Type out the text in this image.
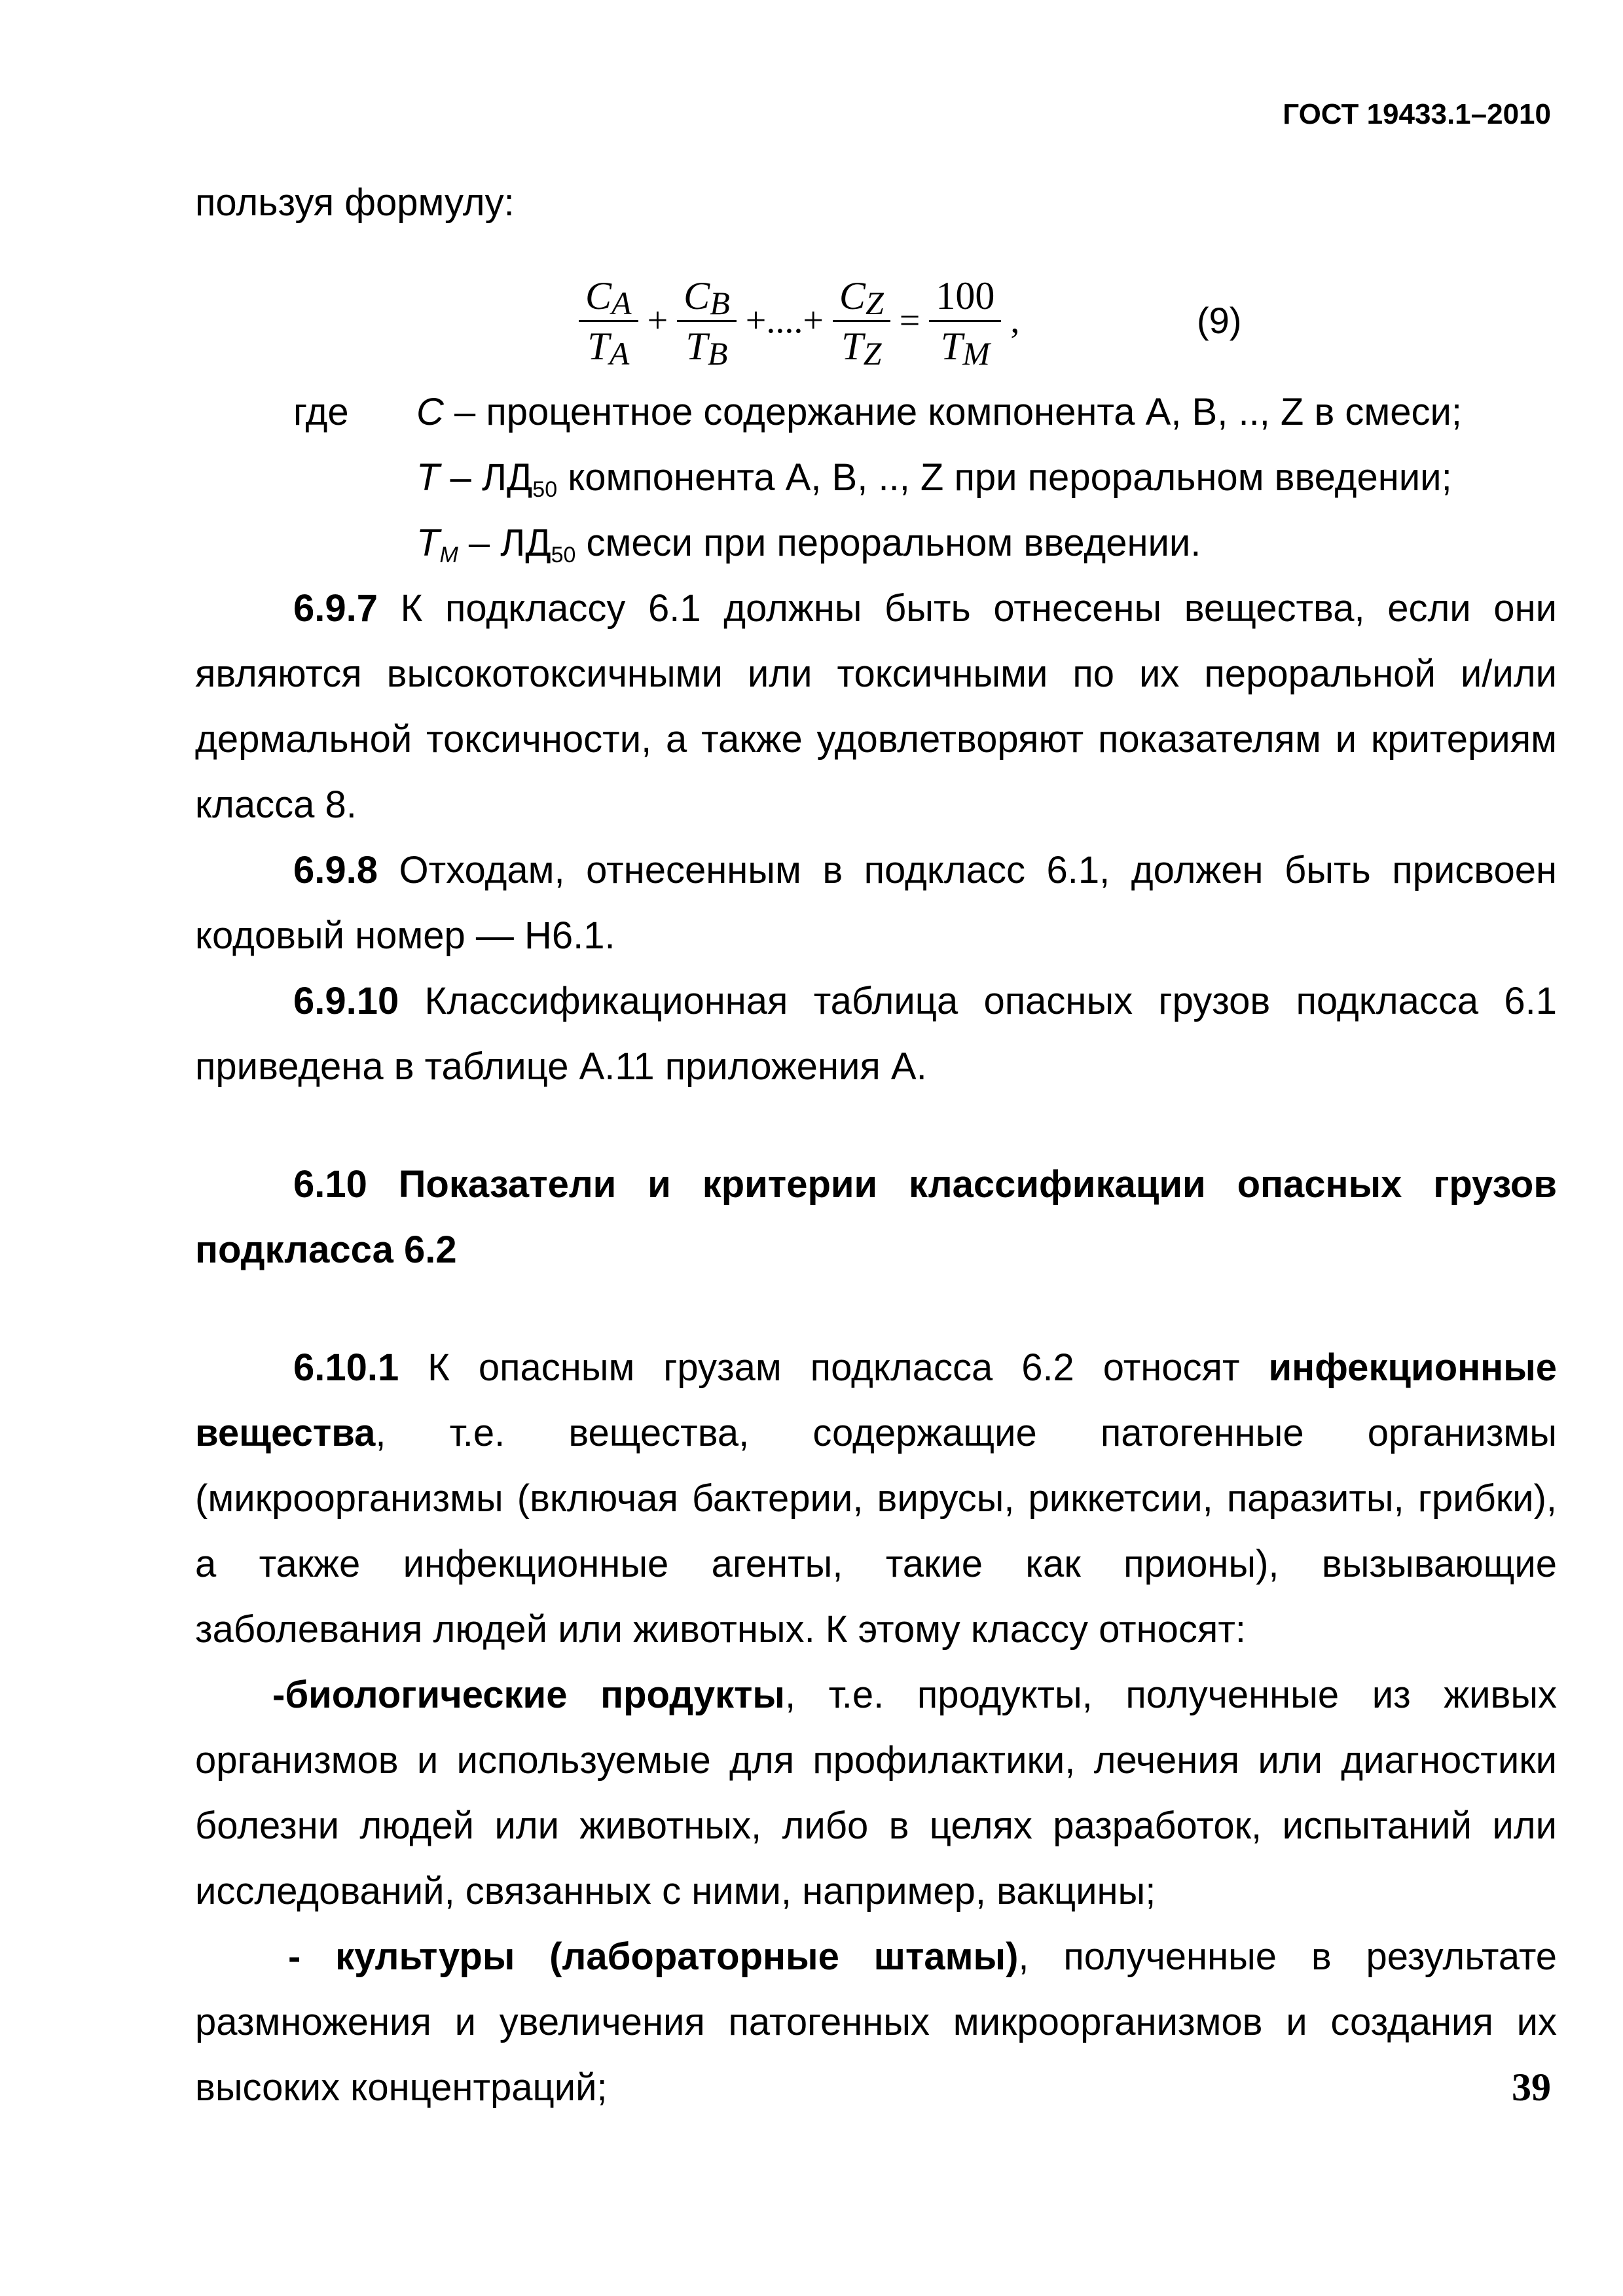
ГОСТ 19433.1–2010

пользуя формулу:

$\frac{C_A}{T_A} + \frac{C_B}{T_B}$ +....+ $\frac{C_Z}{T_Z} = \frac{100}{T_M}$ ,	(9)
где C – процентное содержание компонента A, B, .., Z в смеси;
T – $ЛД_{50}$ компонента A, B, .., Z при пероральном введении;
$T_M - ЛД_{50}$ смеси при пероральном введении.

6.9.7 К подклассу 6.1 должны быть отнесены вещества, если они являются высокотоксичными или токсичными по их пероральной и/или дермальной токсичности, а также удовлетворяют показателям и критериям класса 8.

6.9.8 Отходам, отнесенным в подкласс 6.1, должен быть присвоен кодовый номер — H6.1.

6.9.10 Классификационная таблица опасных грузов подкласса 6.1 приведена в таблице A.11 приложения A.

6.10 Показатели и критерии классификации опасных грузов подкласса 6.2

6.10.1 К опасным грузам подкласса 6.2 относят инфекционные вещества, т.е. вещества, содержащие патогенные организмы (микроорганизмы (включая бактерии, вирусы, риккетсии, паразиты, грибки), а также инфекционные агенты, такие как прионы), вызывающие заболевания людей или животных. К этому классу относят:

-биологические продукты, т.е. продукты, полученные из живых организмов и используемые для профилактики, лечения или диагностики болезни людей или животных, либо в целях разработок, испытаний или исследований, связанных с ними, например, вакцины;

- культуры (лабораторные штамы), полученные в результате размножения и увеличения патогенных микроорганизмов и создания их высоких концентраций;	39
